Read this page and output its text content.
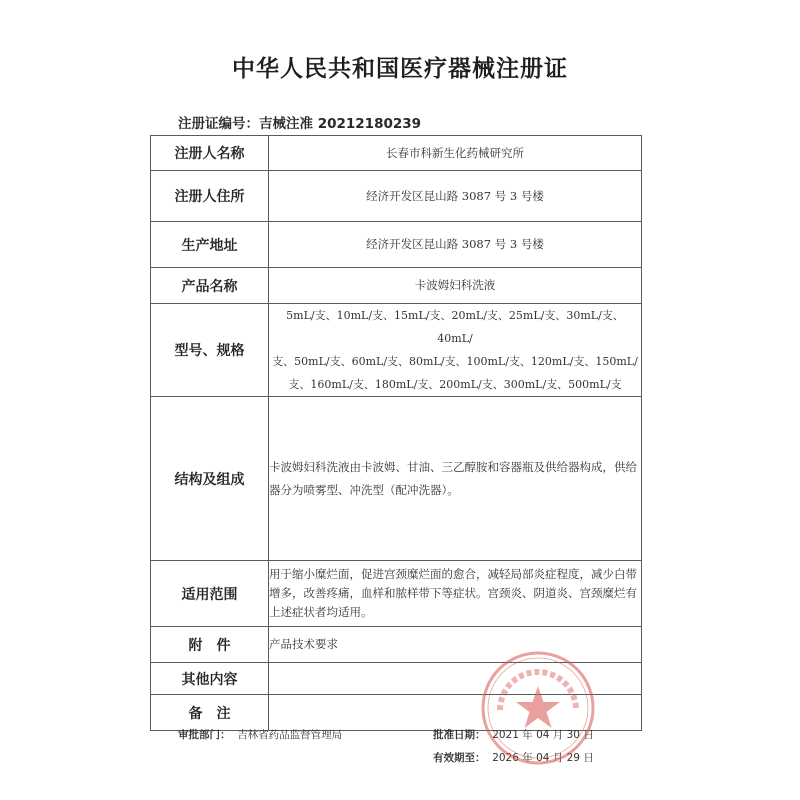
中华人民共和国医疗器械注册证
注册证编号：吉械注准 20212180239
注册人名称	长春市科新生化药械研究所
注册人住所	经济开发区昆山路 3087 号 3 号楼
生产地址	经济开发区昆山路 3087 号 3 号楼
产品名称	卡波姆妇科洗液
型号、规格	5mL/支、10mL/支、15mL/支、20mL/支、25mL/支、30mL/支、40mL/
支、50mL/支、60mL/支、80mL/支、100mL/支、120mL/支、150mL/
支、160mL/支、180mL/支、200mL/支、300mL/支、500mL/支

结构及组成	卡波姆妇科洗液由卡波姆、甘油、三乙醇胺和容器瓶及供给器构成，供给器分为喷雾型、冲洗型（配冲洗器）。
适用范围	用于缩小糜烂面，促进宫颈糜烂面的愈合，减轻局部炎症程度，减少白带增多，改善疼痛，血样和脓样带下等症状。宫颈炎、阴道炎、宫颈糜烂有上述症状者均适用。
附　件	产品技术要求
其他内容	
备　注	
审批部门： 吉林省药品监督管理局	批准日期： 2021 年 04 月 30 日
有效期至： 2026 年 04 月 29 日
